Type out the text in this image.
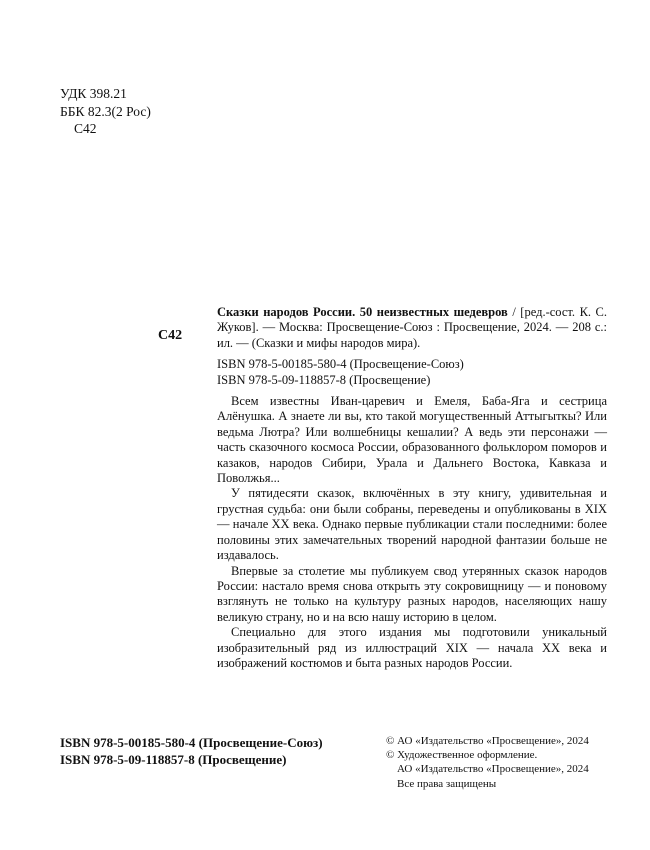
УДК 398.21
ББК 82.3(2 Рос)
С42
С42

Сказки народов России. 50 неизвестных шедевров / [ред.-сост. К. С. Жуков]. — Москва: Просвещение-Союз : Просвещение, 2024. — 208 с.: ил. — (Сказки и мифы народов мира).

ISBN 978-5-00185-580-4 (Просвещение-Союз)
ISBN 978-5-09-118857-8 (Просвещение)

Всем известны Иван-царевич и Емеля, Баба-Яга и сестрица Алёнушка. А знаете ли вы, кто такой могущественный Аттыгыткы? Или ведьма Лютра? Или волшебницы кешалии? А ведь эти персонажи — часть сказочного космоса России, образованного фольклором поморов и казаков, народов Сибири, Урала и Дальнего Востока, Кавказа и Поволжья...

У пятидесяти сказок, включённых в эту книгу, удивительная и грустная судьба: они были собраны, переведены и опубликованы в XIX — начале XX века. Однако первые публикации стали последними: более половины этих замечательных творений народной фантазии больше не издавалось.

Впервые за столетие мы публикуем свод утерянных сказок народов России: настало время снова открыть эту сокровищницу — и поновому взглянуть не только на культуру разных народов, населяющих нашу великую страну, но и на всю нашу историю в целом.

Специально для этого издания мы подготовили уникальный изобразительный ряд из иллюстраций XIX — начала XX века и изображений костюмов и быта разных народов России.

ISBN 978-5-00185-580-4 (Просвещение-Союз)
ISBN 978-5-09-118857-8 (Просвещение)
© АО «Издательство «Просвещение», 2024
© Художественное оформление.
АО «Издательство «Просвещение», 2024
Все права защищены
